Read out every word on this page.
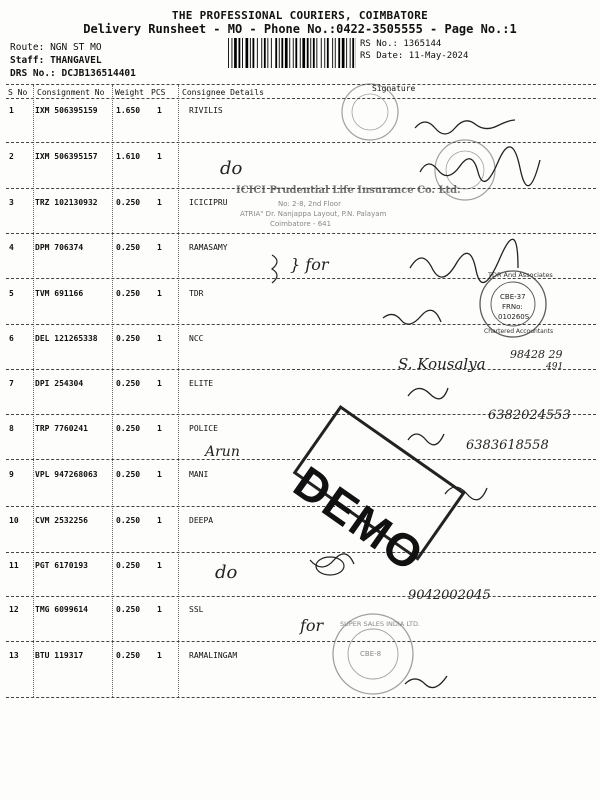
THE PROFESSIONAL COURIERS, COIMBATORE
Delivery Runsheet - MO - Phone No.:0422-3505555 - Page No.:1
Route: NGN ST MO
Staff: THANGAVEL
DRS No.: DCJB136514401
RS No.: 1365144
RS Date: 11-May-2024
S No Consignment No Weight PCS Consignee Details	Signature
1	IXM 506395159 1.650 1	RIVILIS
2	IXM 506395157 1.610 1
3	TRZ 102130932 0.250 1	ICICIPRU
4	DPM 706374	0.250 1	RAMASAMY
5	TVM 691166	0.250 1	TDR
6	DEL 121265338 0.250 1	NCC
7	DPI 254304	0.250 1	ELITE
8	TRP 7760241	0.250 1	POLICE
9	VPL 947268063 0.250 1	MANI
10 CVM 2532256	0.250 1	DEEPA
11 PGT 6170193	0.250 1
12 TMG 6099614	0.250 1	SSL
13 BTU 119317	0.250 1	RAMALINGAM
ICICI Prudential Life Insurance Co. Ltd.
No: 2-8, 2nd Floor
ATRIA" Dr. Nanjappa Layout, P.N. Palayam
Coimbatore - 641
TDR And Associates
CBE-37
FRNo:
010260S
Chartered Accountants
SUPER SALES INDIA LTD.
CBE-8
DEMO
do
} for
Arun
do
for
S. Kousalya
98428 29
491
6382024553
6383618558
9042002045
